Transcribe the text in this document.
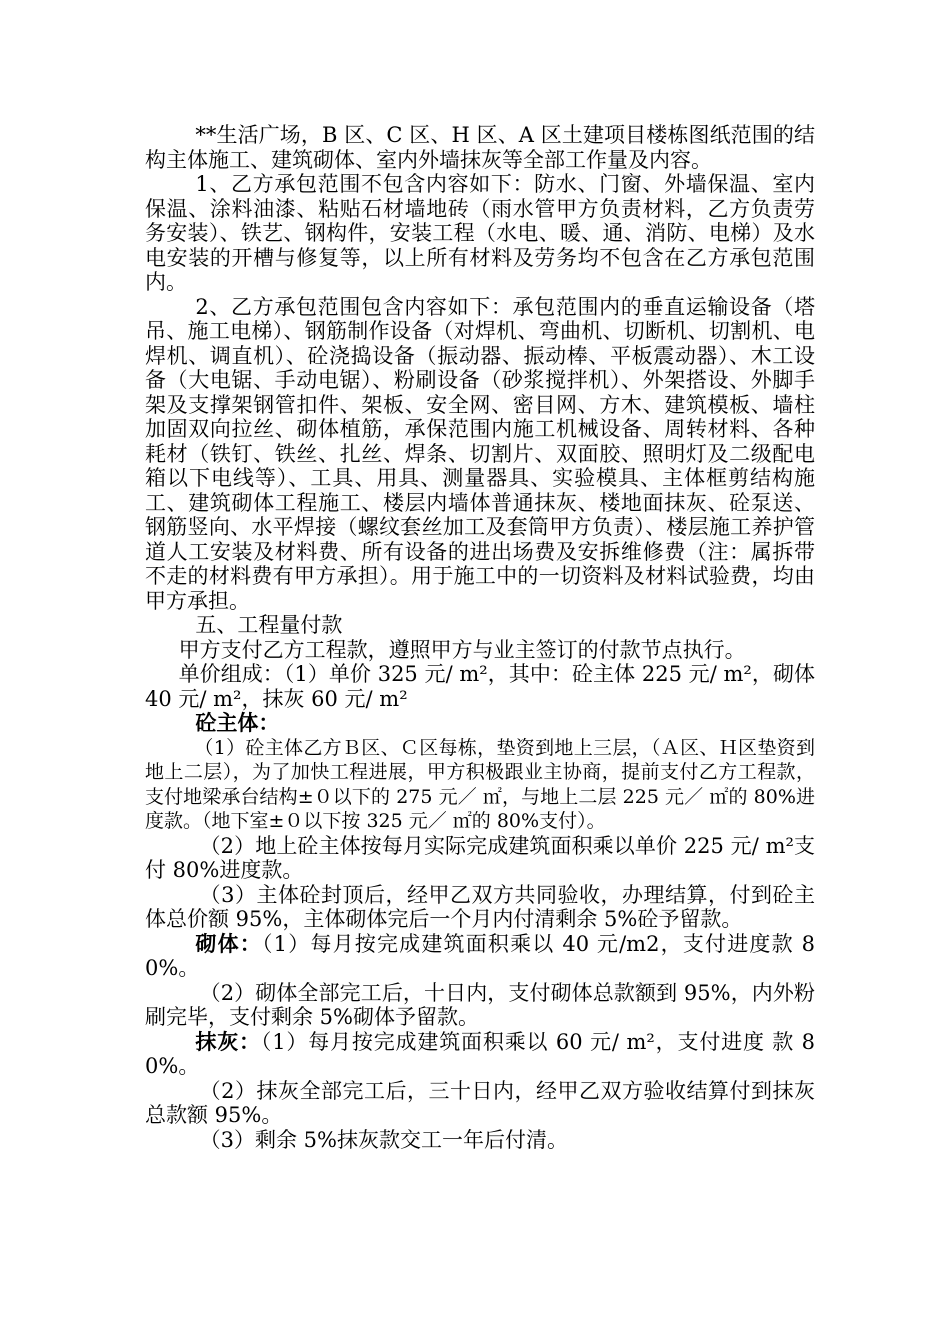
**生活广场，B 区、C 区、H 区、A 区土建项目楼栋图纸范围的结构主体施工、建筑砌体、室内外墙抹灰等全部工作量及内容。

1、乙方承包范围不包含内容如下：防水、门窗、外墙保温、室内保温、涂料油漆、粘贴石材墙地砖（雨水管甲方负责材料，乙方负责劳务安装）、铁艺、钢构件，安装工程（水电、暖、通、消防、电梯）及水电安装的开槽与修复等，以上所有材料及劳务均不包含在乙方承包范围内。

2、乙方承包范围包含内容如下：承包范围内的垂直运输设备（塔吊、施工电梯）、钢筋制作设备（对焊机、弯曲机、切断机、切割机、电焊机、调直机）、砼浇捣设备（振动器、振动棒、平板震动器）、木工设备（大电锯、手动电锯）、粉刷设备（砂浆搅拌机）、外架搭设、外脚手架及支撑架钢管扣件、架板、安全网、密目网、方木、建筑模板、墙柱加固双向拉丝、砌体植筋，承保范围内施工机械设备、周转材料、各种耗材（铁钉、铁丝、扎丝、焊条、切割片、双面胶、照明灯及二级配电箱以下电线等）、工具、用具、测量器具、实验模具、主体框剪结构施工、建筑砌体工程施工、楼层内墙体普通抹灰、楼地面抹灰、砼泵送、钢筋竖向、水平焊接（螺纹套丝加工及套筒甲方负责）、楼层施工养护管道人工安装及材料费、所有设备的进出场费及安拆维修费（注：属拆带不走的材料费有甲方承担）。用于施工中的一切资料及材料试验费，均由甲方承担。

五、工程量付款

甲方支付乙方工程款，遵照甲方与业主签订的付款节点执行。

单价组成：（1）单价 325 元/ m²，其中：砼主体 225 元/ m²，砌体 40 元/ m²，抹灰 60 元/ m²

砼主体：

（1）砼主体乙方Ｂ区、Ｃ区每栋，垫资到地上三层，（Ａ区、Ｈ区垫资到地上二层），为了加快工程进展，甲方积极跟业主协商，提前支付乙方工程款，支付地梁承台结构±０以下的 275 元／ ㎡，与地上二层 225 元／ ㎡的 80%进度款。（地下室±０以下按 325 元／ ㎡的 80%支付）。

（2）地上砼主体按每月实际完成建筑面积乘以单价 225 元/ m²支付 80%进度款。

（3）主体砼封顶后，经甲乙双方共同验收，办理结算，付到砼主体总价额 95%，主体砌体完后一个月内付清剩余 5%砼予留款。

砌体：（1）每月按完成建筑面积乘以 40 元/m2，支付进度款 80%。

（2）砌体全部完工后，十日内，支付砌体总款额到 95%，内外粉刷完毕，支付剩余 5%砌体予留款。

抹灰：（1）每月按完成建筑面积乘以 60 元/ m²，支付进度 款 80%。

（2）抹灰全部完工后，三十日内，经甲乙双方验收结算付到抹灰总款额 95%。

（3）剩余 5%抹灰款交工一年后付清。
